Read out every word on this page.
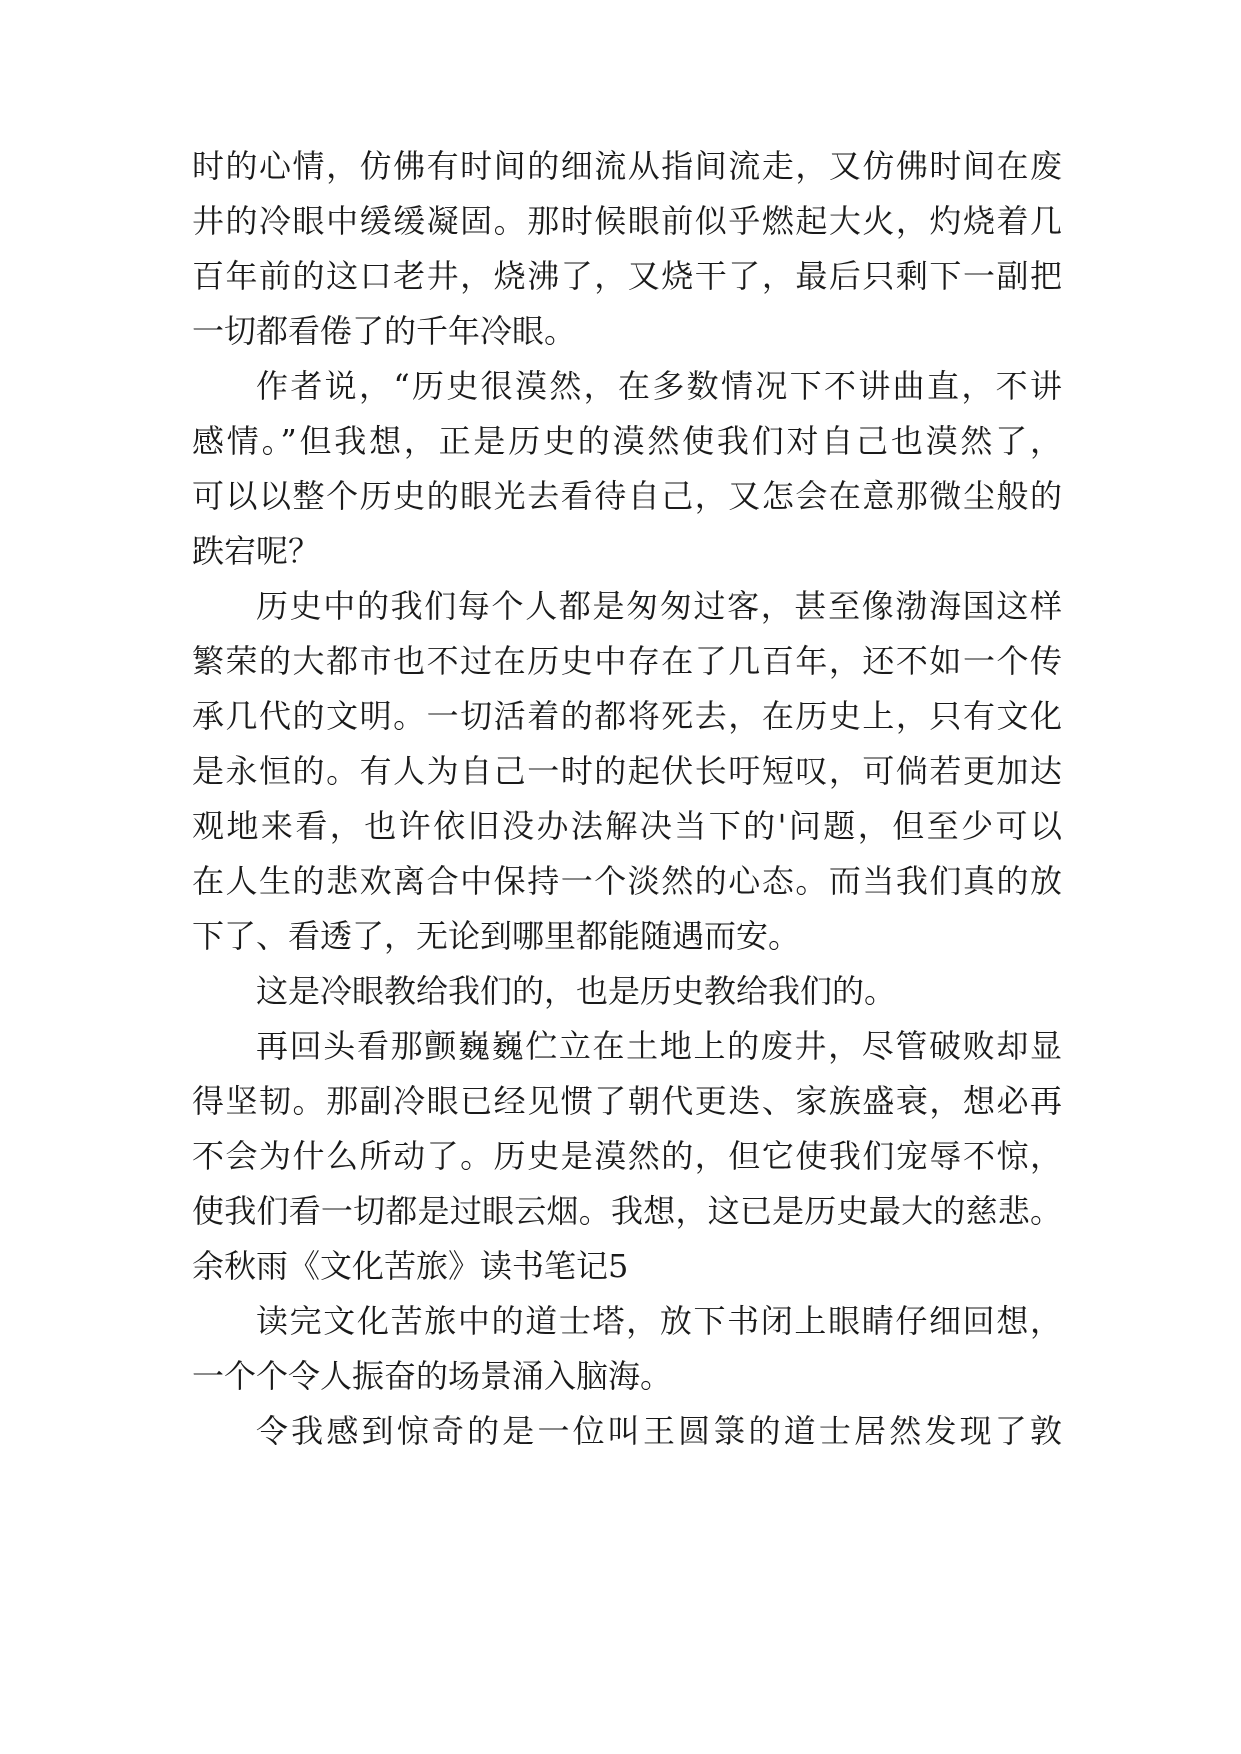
时的心情，仿佛有时间的细流从指间流走，又仿佛时间在废
井的冷眼中缓缓凝固。那时候眼前似乎燃起大火，灼烧着几
百年前的这口老井，烧沸了，又烧干了，最后只剩下一副把
一切都看倦了的千年冷眼。
作者说，“历史很漠然，在多数情况下不讲曲直，不讲
感情。”但我想，正是历史的漠然使我们对自己也漠然了，
可以以整个历史的眼光去看待自己，又怎会在意那微尘般的
跌宕呢？
历史中的我们每个人都是匆匆过客，甚至像渤海国这样
繁荣的大都市也不过在历史中存在了几百年，还不如一个传
承几代的文明。一切活着的都将死去，在历史上，只有文化
是永恒的。有人为自己一时的起伏长吁短叹，可倘若更加达
观地来看，也许依旧没办法解决当下的'问题，但至少可以
在人生的悲欢离合中保持一个淡然的心态。而当我们真的放
下了、看透了，无论到哪里都能随遇而安。
这是冷眼教给我们的，也是历史教给我们的。
再回头看那颤巍巍伫立在土地上的废井，尽管破败却显
得坚韧。那副冷眼已经见惯了朝代更迭、家族盛衰，想必再
不会为什么所动了。历史是漠然的，但它使我们宠辱不惊，
使我们看一切都是过眼云烟。我想，这已是历史最大的慈悲。
余秋雨《文化苦旅》读书笔记5
读完文化苦旅中的道士塔，放下书闭上眼睛仔细回想，
一个个令人振奋的场景涌入脑海。
令我感到惊奇的是一位叫王圆箓的道士居然发现了敦
